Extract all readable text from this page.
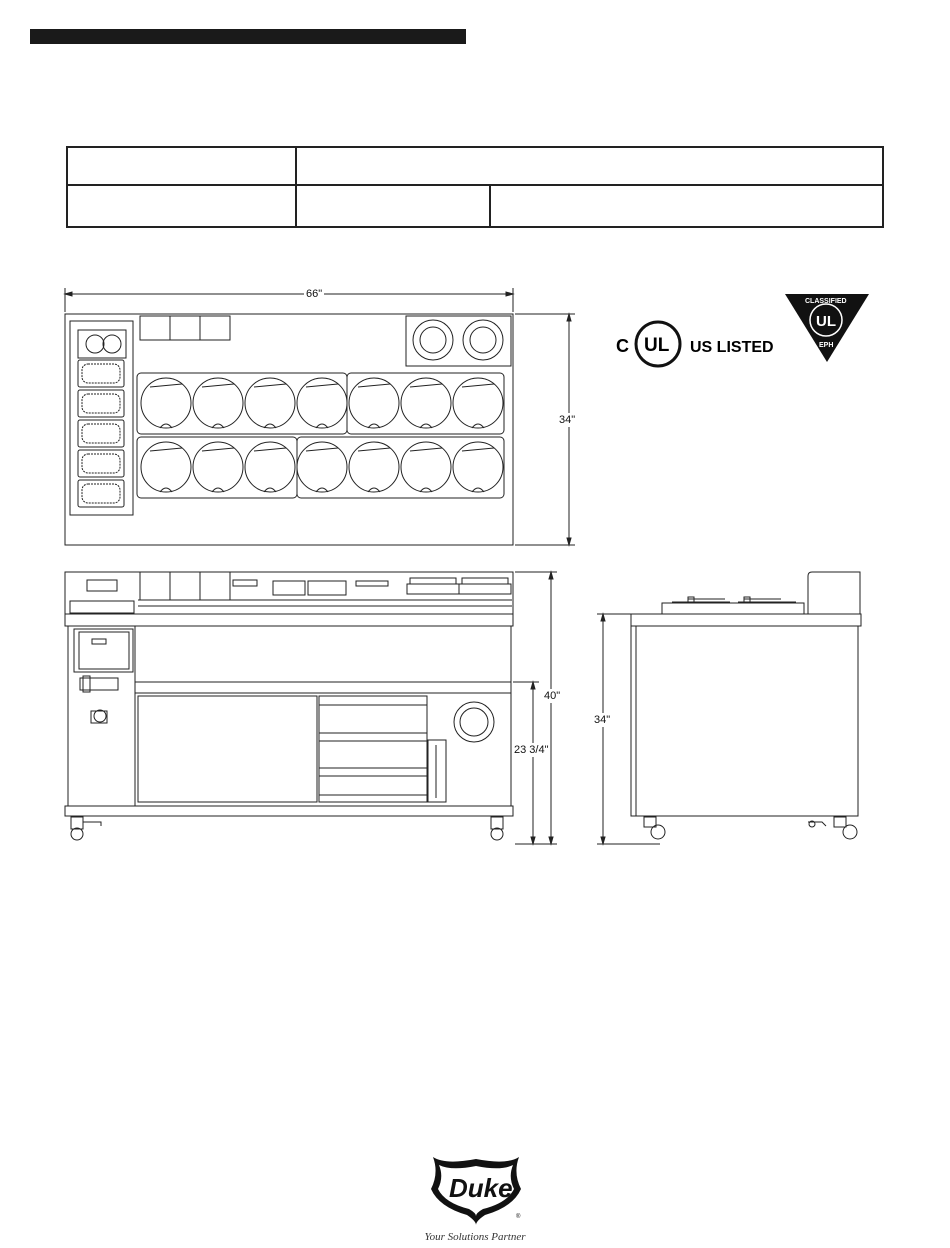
66"
34"
40"
23 3/4"
34"
C UL US LISTED
UL
CLASSIFIED
EPH
Duke
®
Your Solutions Partner
